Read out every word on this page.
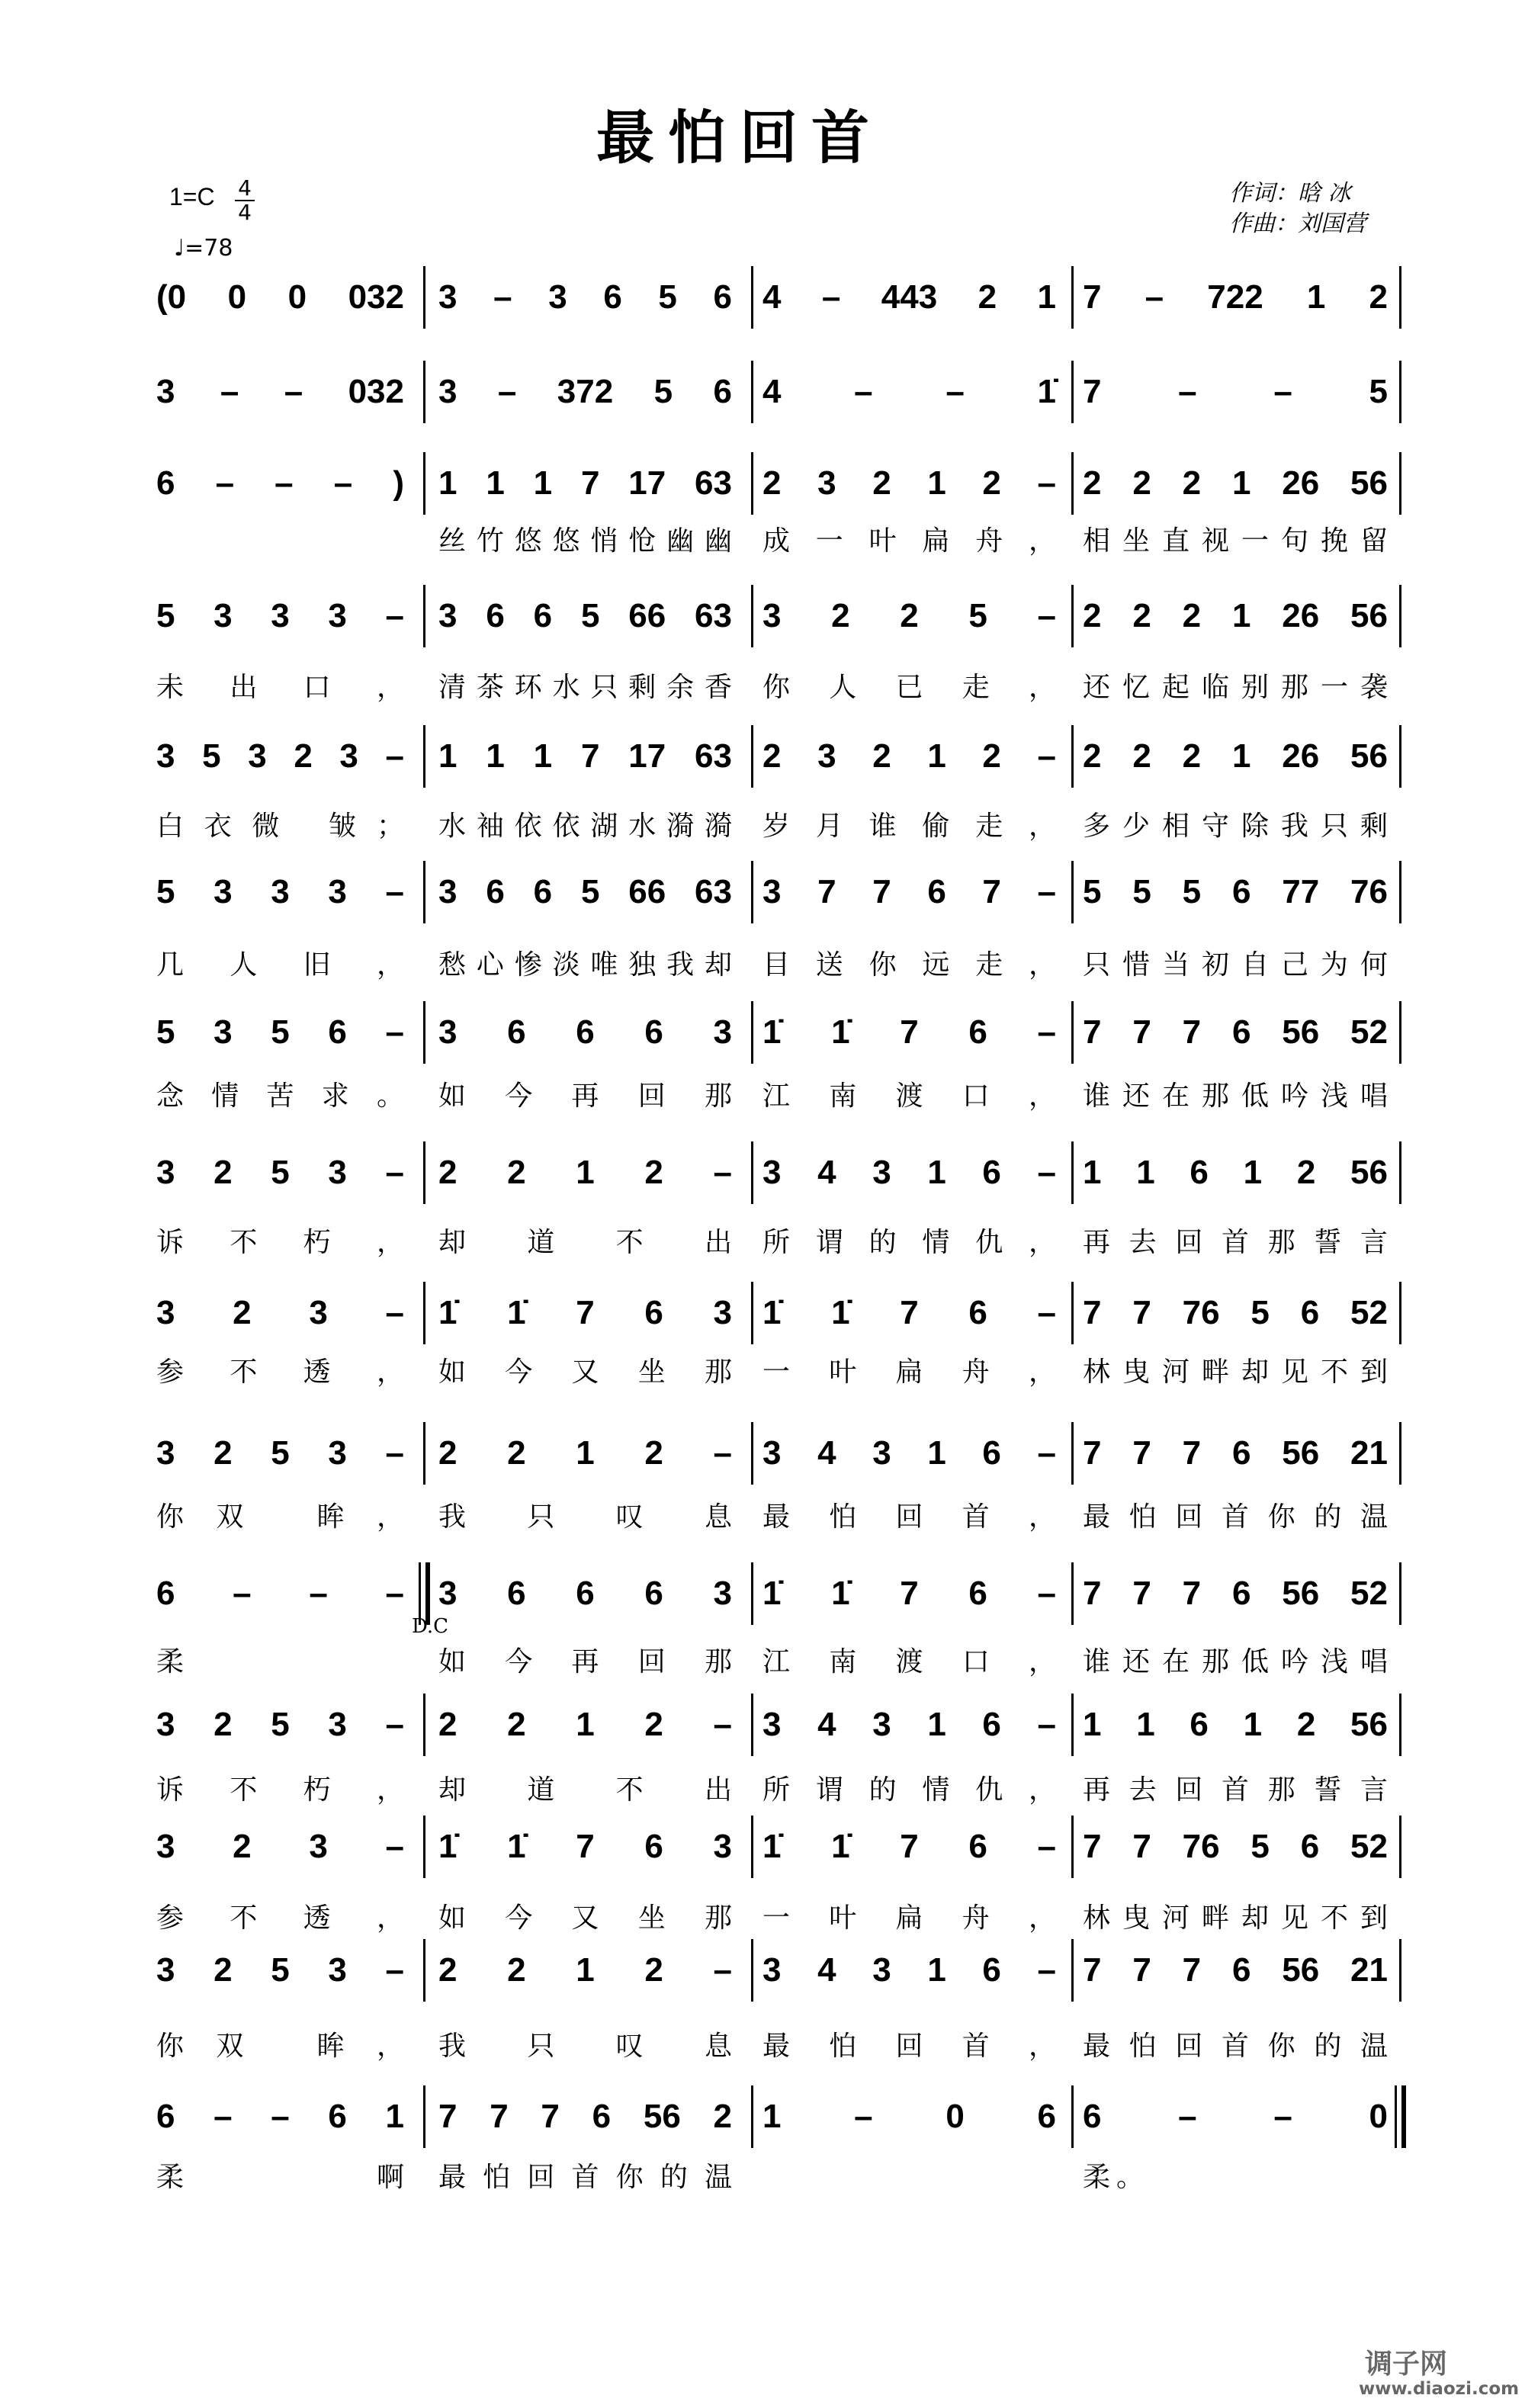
最怕回首
1=C 4
4
♩=78
作词：晗 冰
作曲：刘国营
D.C
调子网
www.diaozi.com
(0 0 0 032 3 – 3 6 5 6 4 – 443 2 1 7 – 722 1 2
3 – – 032 3 – 372 5 6 4 – – 1̇ 7 – – 5
6 – – – ) 1 1 1 7 17 63 2 3 2 1 2 – 2 2 2 1 26 56
丝竹悠悠悄怆幽幽 成一叶扁舟， 相坐直视一句挽留
5 3 3 3 – 3 6 6 5 66 63 3 2 2 5 – 2 2 2 1 26 56
未出口， 清茶环水只剩余香 你人已走， 还忆起临别那一袭
3 5 3 2 3 – 1 1 1 7 17 63 2 3 2 1 2 – 2 2 2 1 26 56
白衣微 皱； 水袖依依湖水漪漪 岁月谁偷走， 多少相守除我只剩
5 3 3 3 – 3 6 6 5 66 63 3 7 7 6 7 – 5 5 5 6 77 76
几人旧， 愁心惨淡唯独我却 目送你远走， 只惜当初自己为何
5 3 5 6 – 3 6 6 6 3 1̇ 1̇ 7 6 – 7 7 7 6 56 52
念情苦求。 如今再回那 江南渡口， 谁还在那低吟浅唱
3 2 5 3 – 2 2 1 2 – 3 4 3 1 6 – 1 1 6 1 2 56
诉不朽， 却道不出 所谓的情仇， 再去回首那誓言
3 2 3 – 1̇ 1̇ 7 6 3 1̇ 1̇ 7 6 – 7 7 76 5 6 52
参不透， 如今又坐那 一叶扁舟， 林曳河畔却见不到
3 2 5 3 – 2 2 1 2 – 3 4 3 1 6 – 7 7 7 6 56 21
你双 眸， 我只叹息 最怕回首， 最怕回首你的温
6 – – – 3 6 6 6 3 1̇ 1̇ 7 6 – 7 7 7 6 56 52
柔	如今再回那 江南渡口， 谁还在那低吟浅唱
3 2 5 3 – 2 2 1 2 – 3 4 3 1 6 – 1 1 6 1 2 56
诉不朽， 却道不出 所谓的情仇， 再去回首那誓言
3 2 3 – 1̇ 1̇ 7 6 3 1̇ 1̇ 7 6 – 7 7 76 5 6 52
参不透， 如今又坐那 一叶扁舟， 林曳河畔却见不到
3 2 5 3 – 2 2 1 2 – 3 4 3 1 6 – 7 7 7 6 56 21
你双 眸， 我只叹息 最怕回首， 最怕回首你的温
6 – – 6 1 7 7 7 6 56 2 1 – 0 6 6 – – 0
柔 啊 最怕回首你的温	柔。
